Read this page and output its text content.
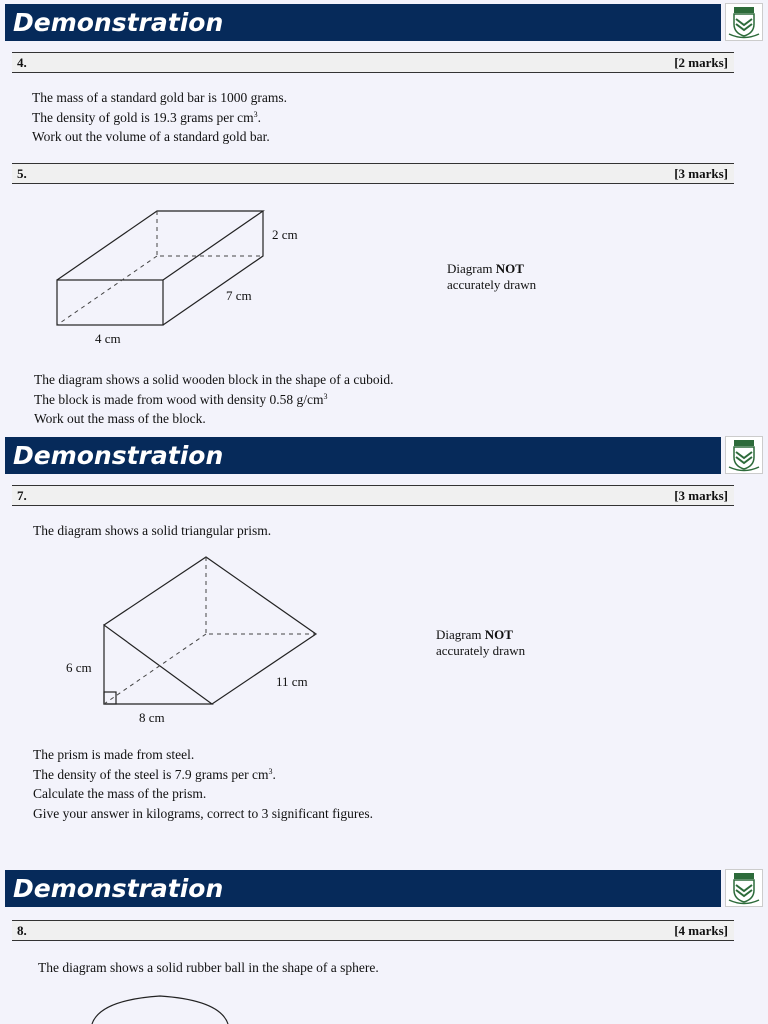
Demonstration
4.	[2 marks]
The mass of a standard gold bar is 1000 grams.
The density of gold is 19.3 grams per $cm^3$.
Work out the volume of a standard gold bar.
5.	[3 marks]
2 cm
7 cm
4 cm
Diagram NOT
accurately drawn
The diagram shows a solid wooden block in the shape of a cuboid.
The block is made from wood with density 0.58 $g/cm^3$
Work out the mass of the block.
Demonstration
7.	[3 marks]
The diagram shows a solid triangular prism.
6 cm
11 cm
8 cm
Diagram NOT
accurately drawn
The prism is made from steel.
The density of the steel is 7.9 grams per $cm^3$.
Calculate the mass of the prism.
Give your answer in kilograms, correct to 3 significant figures.
Demonstration
8.	[4 marks]
The diagram shows a solid rubber ball in the shape of a sphere.
